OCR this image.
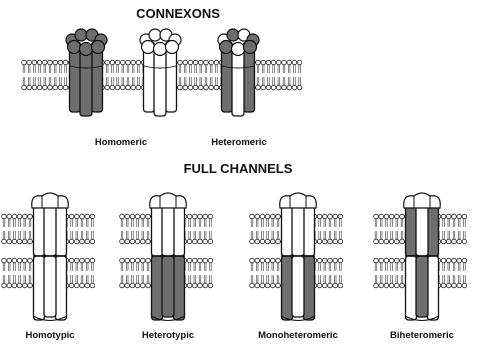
CONNEXONS
FULL CHANNELS
Homomeric	Heteromeric
Homotypic	Heterotypic	Monoheteromeric	Biheteromeric
